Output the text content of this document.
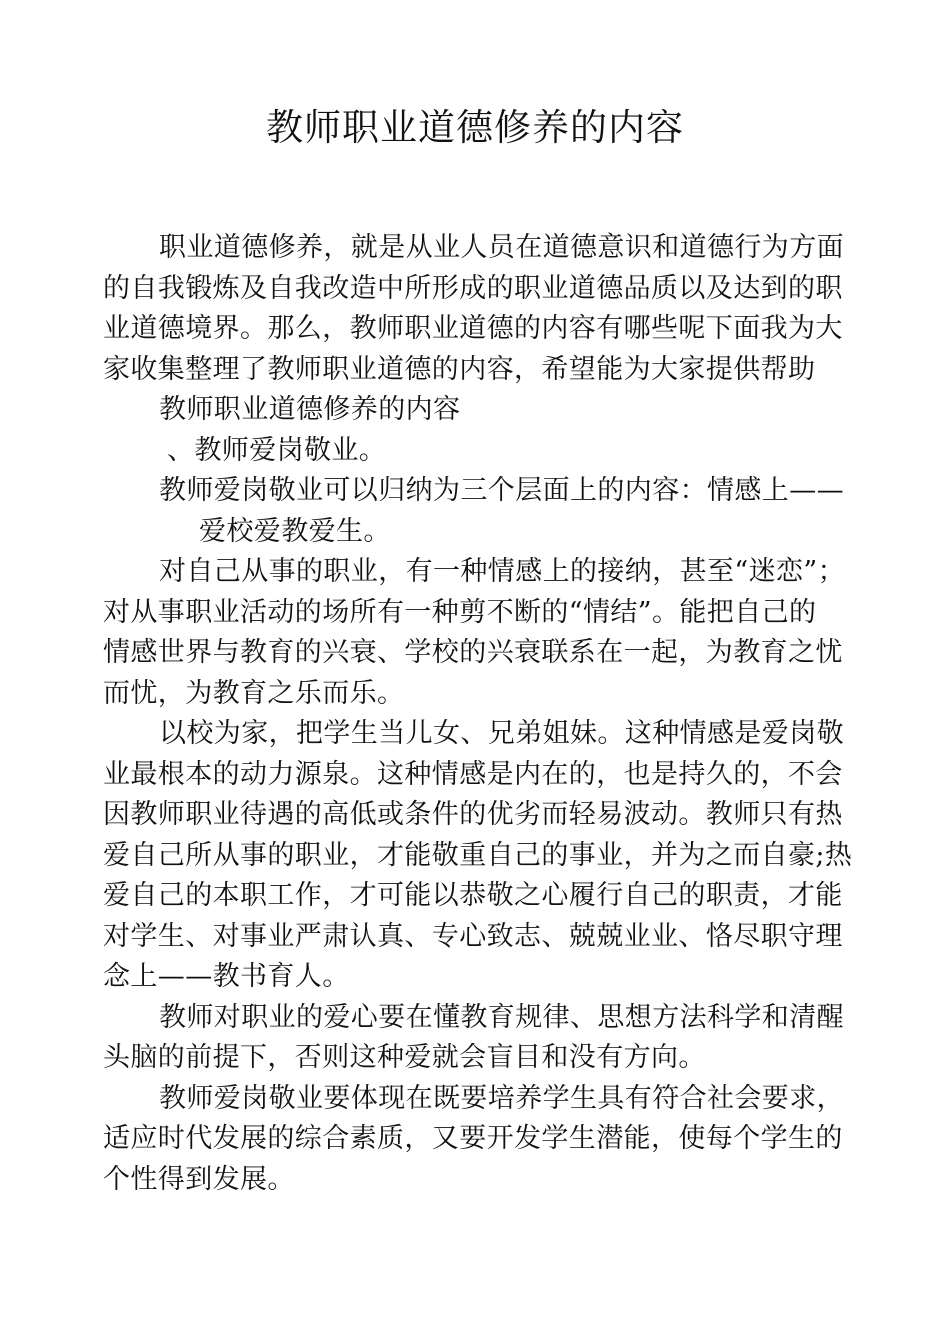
教师职业道德修养的内容
职业道德修养，就是从业人员在道德意识和道德行为方面
的自我锻炼及自我改造中所形成的职业道德品质以及达到的职
业道德境界。那么，教师职业道德的内容有哪些呢下面我为大
家收集整理了教师职业道德的内容，希望能为大家提供帮助
教师职业道德修养的内容
、教师爱岗敬业。
教师爱岗敬业可以归纳为三个层面上的内容：情感上——
爱校爱教爱生。
对自己从事的职业，有一种情感上的接纳，甚至“迷恋”；
对从事职业活动的场所有一种剪不断的“情结”。能把自己的
情感世界与教育的兴衰、学校的兴衰联系在一起，为教育之忧
而忧，为教育之乐而乐。
以校为家，把学生当儿女、兄弟姐妹。这种情感是爱岗敬
业最根本的动力源泉。这种情感是内在的，也是持久的，不会
因教师职业待遇的高低或条件的优劣而轻易波动。教师只有热
爱自己所从事的职业，才能敬重自己的事业，并为之而自豪;热
爱自己的本职工作，才可能以恭敬之心履行自己的职责，才能
对学生、对事业严肃认真、专心致志、兢兢业业、恪尽职守理
念上——教书育人。
教师对职业的爱心要在懂教育规律、思想方法科学和清醒
头脑的前提下，否则这种爱就会盲目和没有方向。
教师爱岗敬业要体现在既要培养学生具有符合社会要求，
适应时代发展的综合素质，又要开发学生潜能，使每个学生的
个性得到发展。
